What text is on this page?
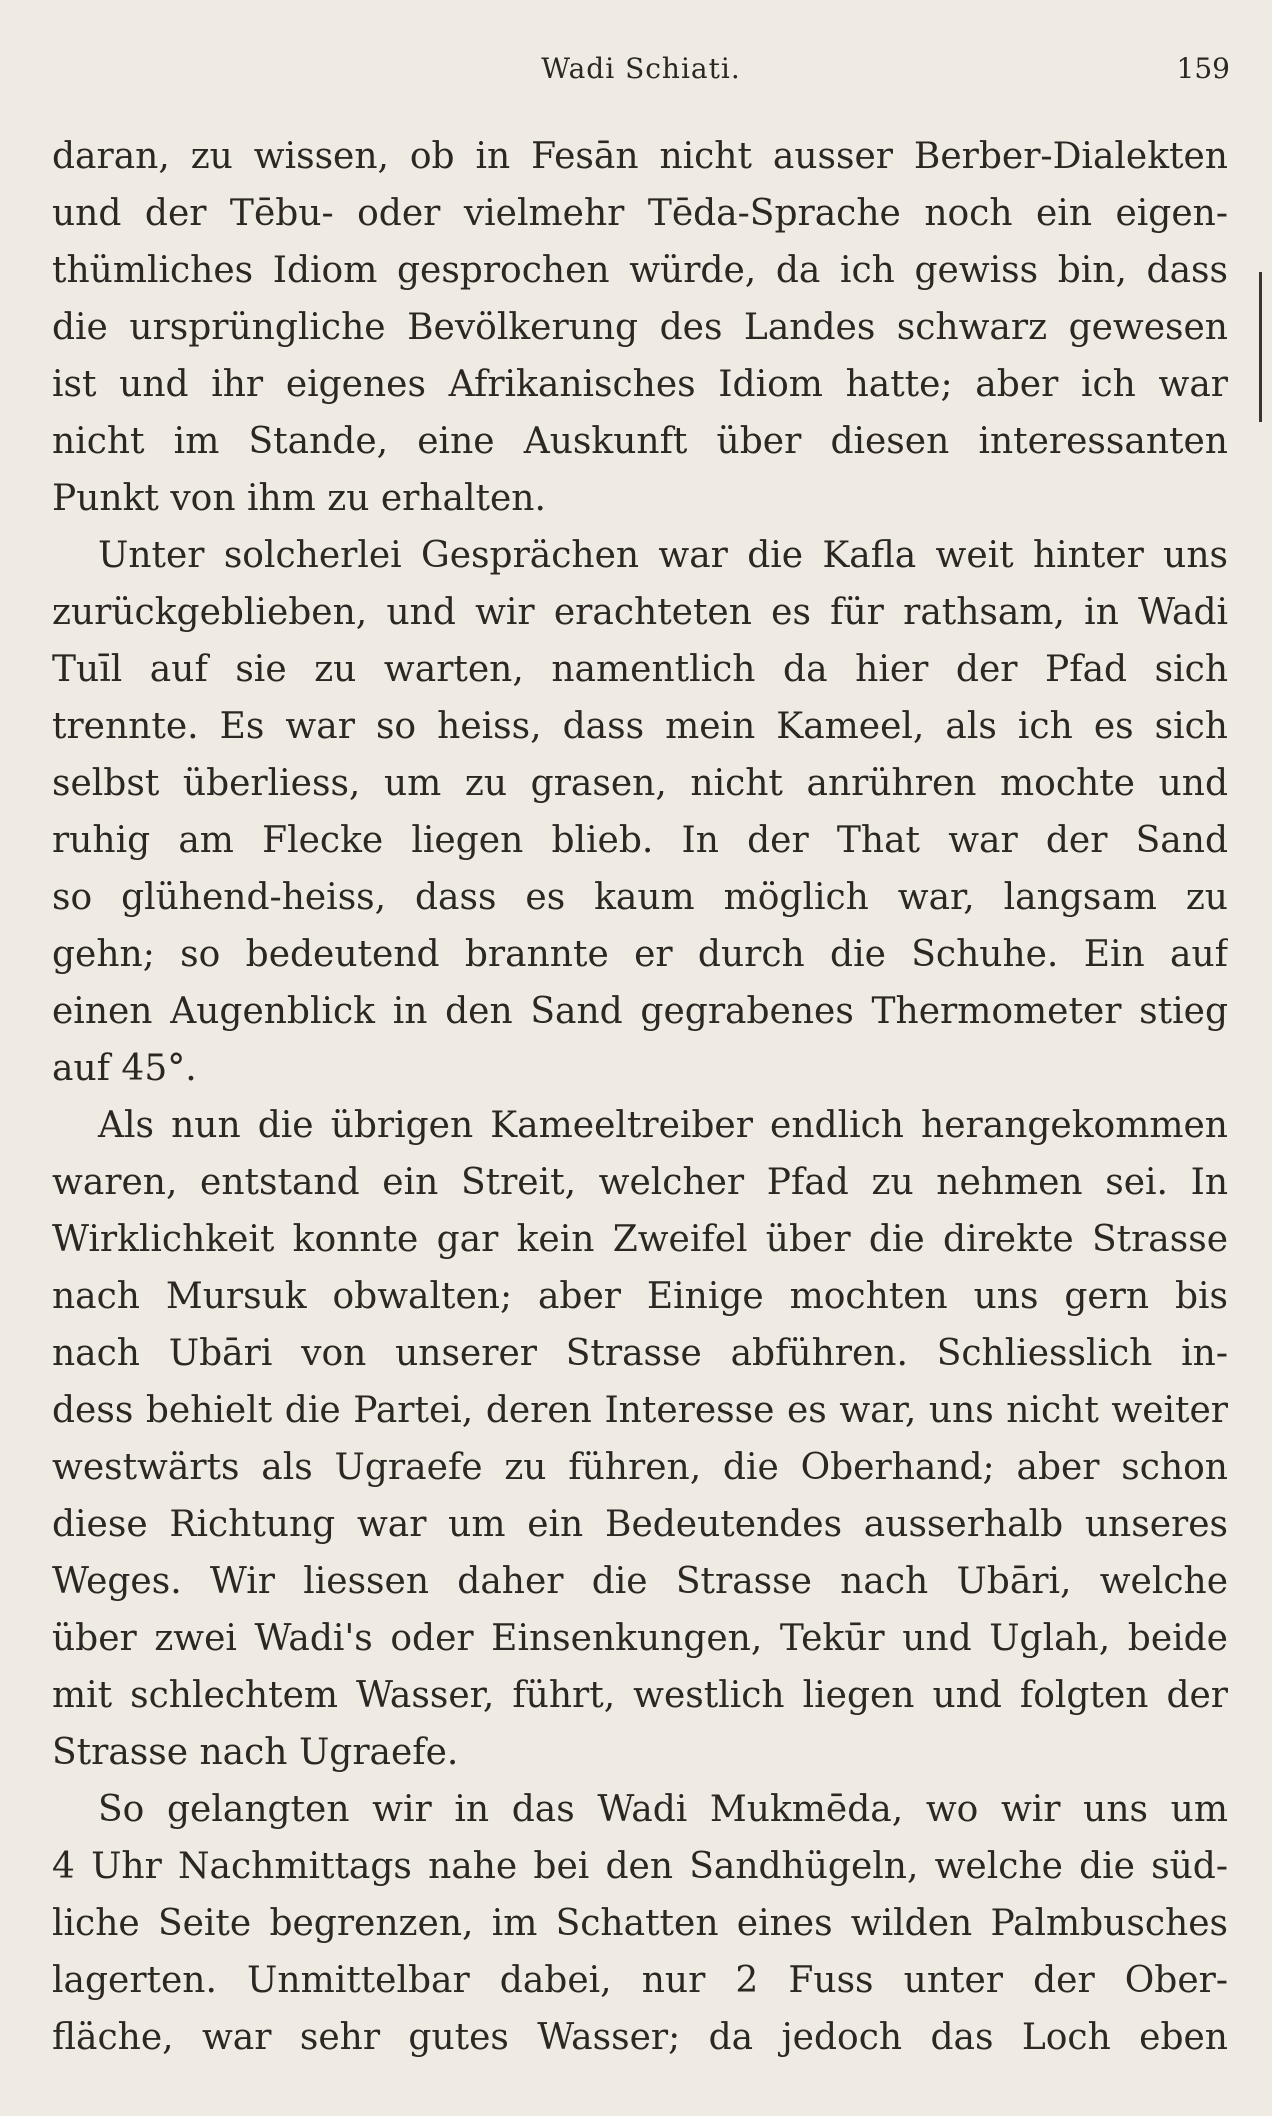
Wadi Schiati.	159
daran, zu wissen, ob in Fesān nicht ausser Berber-Dialekten
und der Tēbu- oder vielmehr Tēda-Sprache noch ein eigen-
thümliches Idiom gesprochen würde, da ich gewiss bin, dass
die ursprüngliche Bevölkerung des Landes schwarz gewesen
ist und ihr eigenes Afrikanisches Idiom hatte; aber ich war
nicht im Stande, eine Auskunft über diesen interessanten
Punkt von ihm zu erhalten.
Unter solcherlei Gesprächen war die Kafla weit hinter uns
zurückgeblieben, und wir erachteten es für rathsam, in Wadi
Tuīl auf sie zu warten, namentlich da hier der Pfad sich
trennte. Es war so heiss, dass mein Kameel, als ich es sich
selbst überliess, um zu grasen, nicht anrühren mochte und
ruhig am Flecke liegen blieb. In der That war der Sand
so glühend-heiss, dass es kaum möglich war, langsam zu
gehn; so bedeutend brannte er durch die Schuhe. Ein auf
einen Augenblick in den Sand gegrabenes Thermometer stieg
auf 45°.
Als nun die übrigen Kameeltreiber endlich herangekommen
waren, entstand ein Streit, welcher Pfad zu nehmen sei. In
Wirklichkeit konnte gar kein Zweifel über die direkte Strasse
nach Mursuk obwalten; aber Einige mochten uns gern bis
nach Ubāri von unserer Strasse abführen. Schliesslich in-
dess behielt die Partei, deren Interesse es war, uns nicht weiter
westwärts als Ugraefe zu führen, die Oberhand; aber schon
diese Richtung war um ein Bedeutendes ausserhalb unseres
Weges. Wir liessen daher die Strasse nach Ubāri, welche
über zwei Wadi's oder Einsenkungen, Tekūr und Uglah, beide
mit schlechtem Wasser, führt, westlich liegen und folgten der
Strasse nach Ugraefe.
So gelangten wir in das Wadi Mukmēda, wo wir uns um
4 Uhr Nachmittags nahe bei den Sandhügeln, welche die süd-
liche Seite begrenzen, im Schatten eines wilden Palmbusches
lagerten. Unmittelbar dabei, nur 2 Fuss unter der Ober-
fläche, war sehr gutes Wasser; da jedoch das Loch eben
